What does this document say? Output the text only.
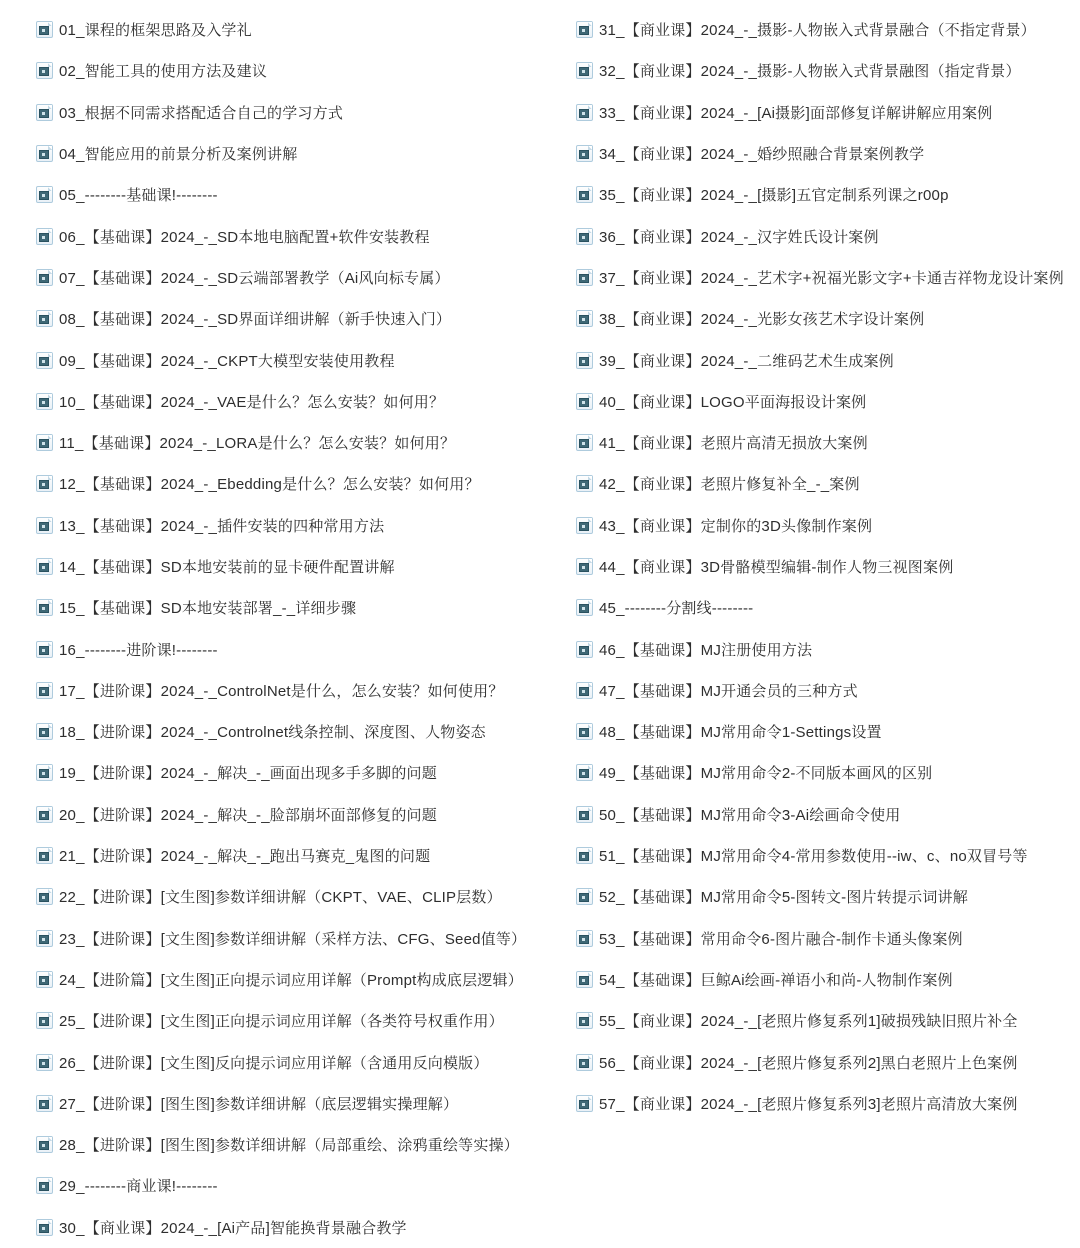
01_课程的框架思路及入学礼
02_智能工具的使用方法及建议
03_根据不同需求搭配适合自己的学习方式
04_智能应用的前景分析及案例讲解
05_--------基础课!--------
06_【基础课】2024_-_SD本地电脑配置+软件安装教程
07_【基础课】2024_-_SD云端部署教学（Ai风向标专属）
08_【基础课】2024_-_SD界面详细讲解（新手快速入门）
09_【基础课】2024_-_CKPT大模型安装使用教程
10_【基础课】2024_-_VAE是什么？怎么安装？如何用？
11_【基础课】2024_-_LORA是什么？怎么安装？如何用？
12_【基础课】2024_-_Ebedding是什么？怎么安装？如何用？
13_【基础课】2024_-_插件安装的四种常用方法
14_【基础课】SD本地安装前的显卡硬件配置讲解
15_【基础课】SD本地安装部署_-_详细步骤
16_--------进阶课!--------
17_【进阶课】2024_-_ControlNet是什么，怎么安装？如何使用？
18_【进阶课】2024_-_Controlnet线条控制、深度图、人物姿态
19_【进阶课】2024_-_解决_-_画面出现多手多脚的问题
20_【进阶课】2024_-_解决_-_脸部崩坏面部修复的问题
21_【进阶课】2024_-_解决_-_跑出马赛克_鬼图的问题
22_【进阶课】[文生图]参数详细讲解（CKPT、VAE、CLIP层数）
23_【进阶课】[文生图]参数详细讲解（采样方法、CFG、Seed值等）
24_【进阶篇】[文生图]正向提示词应用详解（Prompt构成底层逻辑）
25_【进阶课】[文生图]正向提示词应用详解（各类符号权重作用）
26_【进阶课】[文生图]反向提示词应用详解（含通用反向模版）
27_【进阶课】[图生图]参数详细讲解（底层逻辑实操理解）
28_【进阶课】[图生图]参数详细讲解（局部重绘、涂鸦重绘等实操）
29_--------商业课!--------
30_【商业课】2024_-_[Ai产品]智能换背景融合教学
31_【商业课】2024_-_摄影-人物嵌入式背景融合（不指定背景）
32_【商业课】2024_-_摄影-人物嵌入式背景融图（指定背景）
33_【商业课】2024_-_[Ai摄影]面部修复详解讲解应用案例
34_【商业课】2024_-_婚纱照融合背景案例教学
35_【商业课】2024_-_[摄影]五官定制系列课之r00p
36_【商业课】2024_-_汉字姓氏设计案例
37_【商业课】2024_-_艺术字+祝福光影文字+卡通吉祥物龙设计案例
38_【商业课】2024_-_光影女孩艺术字设计案例
39_【商业课】2024_-_二维码艺术生成案例
40_【商业课】LOGO平面海报设计案例
41_【商业课】老照片高清无损放大案例
42_【商业课】老照片修复补全_-_案例
43_【商业课】定制你的3D头像制作案例
44_【商业课】3D骨骼模型编辑-制作人物三视图案例
45_--------分割线--------
46_【基础课】MJ注册使用方法
47_【基础课】MJ开通会员的三种方式
48_【基础课】MJ常用命令1-Settings设置
49_【基础课】MJ常用命令2-不同版本画风的区别
50_【基础课】MJ常用命令3-Ai绘画命令使用
51_【基础课】MJ常用命令4-常用参数使用--iw、c、no双冒号等
52_【基础课】MJ常用命令5-图转文-图片转提示词讲解
53_【基础课】常用命令6-图片融合-制作卡通头像案例
54_【基础课】巨鲸Ai绘画-禅语小和尚-人物制作案例
55_【商业课】2024_-_[老照片修复系列1]破损残缺旧照片补全
56_【商业课】2024_-_[老照片修复系列2]黑白老照片上色案例
57_【商业课】2024_-_[老照片修复系列3]老照片高清放大案例
